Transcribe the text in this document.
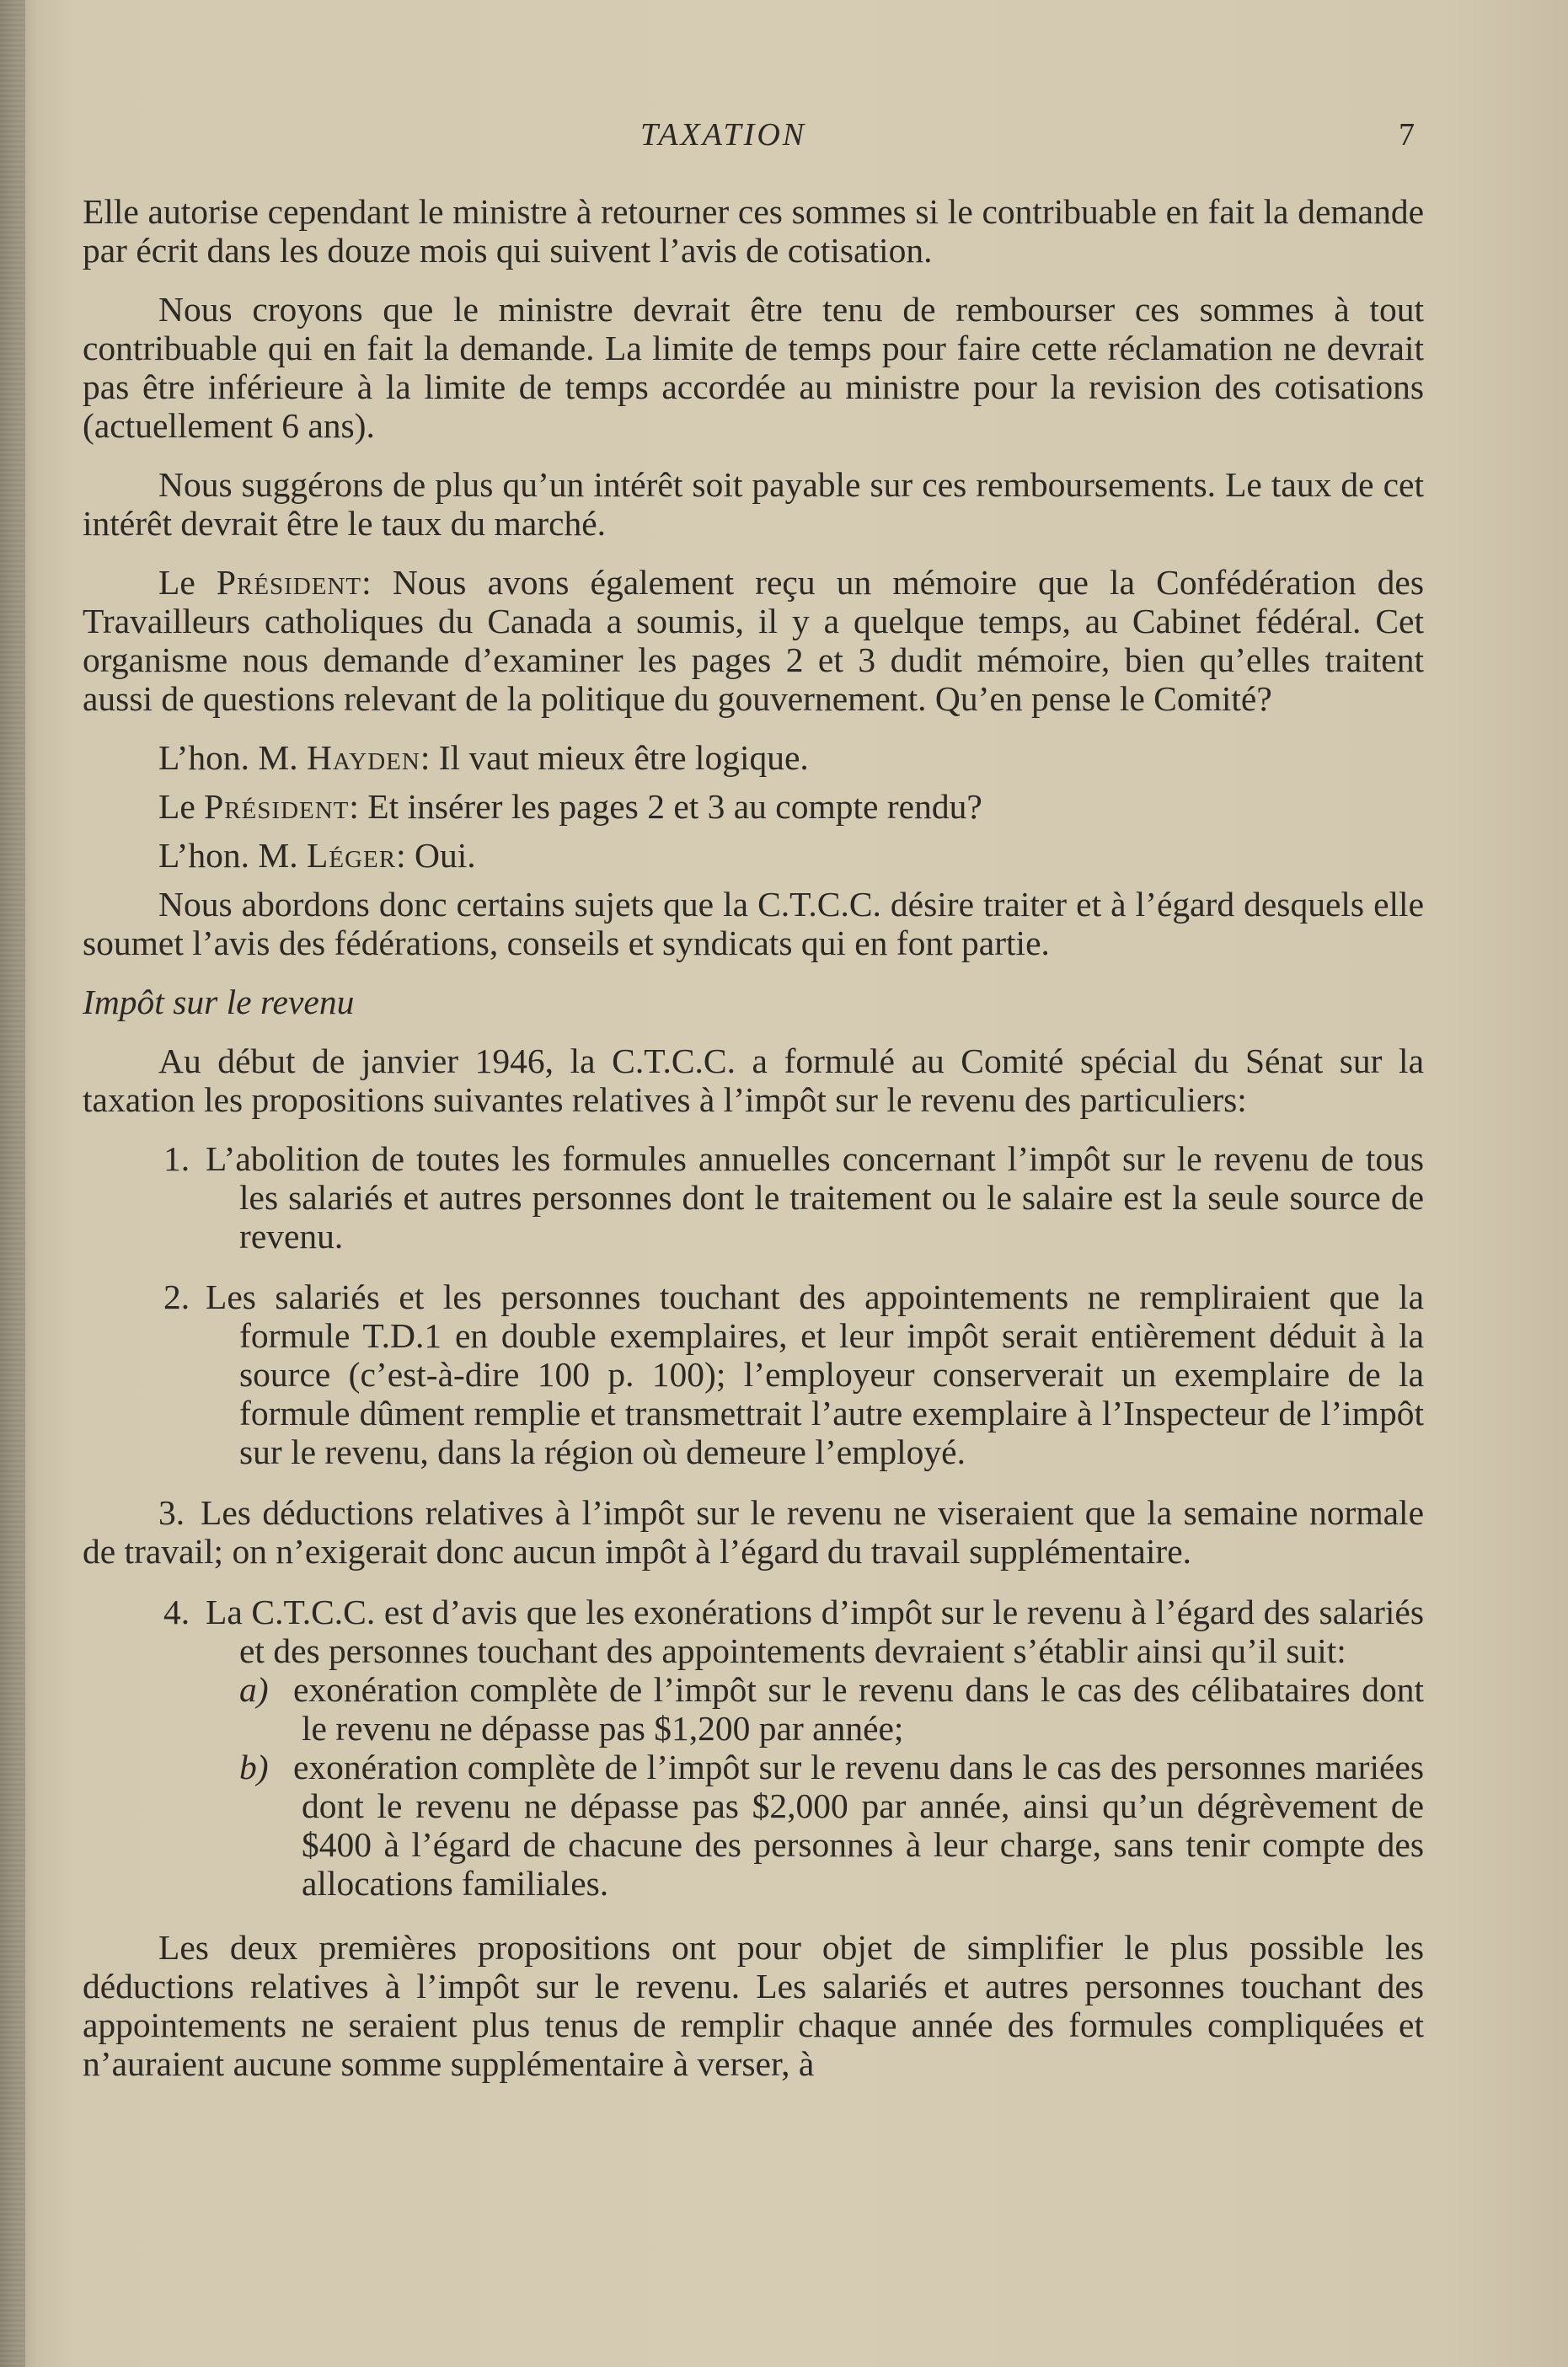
TAXATION	7

Elle autorise cependant le ministre à retourner ces sommes si le contribuable en fait la demande par écrit dans les douze mois qui suivent l’avis de cotisation.

Nous croyons que le ministre devrait être tenu de rembourser ces sommes à tout contribuable qui en fait la demande. La limite de temps pour faire cette réclamation ne devrait pas être inférieure à la limite de temps accordée au ministre pour la revision des cotisations (actuellement 6 ans).

Nous suggérons de plus qu’un intérêt soit payable sur ces remboursements. Le taux de cet intérêt devrait être le taux du marché.

Le Président: Nous avons également reçu un mémoire que la Confédération des Travailleurs catholiques du Canada a soumis, il y a quelque temps, au Cabinet fédéral. Cet organisme nous demande d’examiner les pages 2 et 3 dudit mémoire, bien qu’elles traitent aussi de questions relevant de la politique du gouvernement. Qu’en pense le Comité?

L’hon. M. Hayden: Il vaut mieux être logique.

Le Président: Et insérer les pages 2 et 3 au compte rendu?

L’hon. M. Léger: Oui.

Nous abordons donc certains sujets que la C.T.C.C. désire traiter et à l’égard desquels elle soumet l’avis des fédérations, conseils et syndicats qui en font partie.

Impôt sur le revenu

Au début de janvier 1946, la C.T.C.C. a formulé au Comité spécial du Sénat sur la taxation les propositions suivantes relatives à l’impôt sur le revenu des particuliers:

1. L’abolition de toutes les formules annuelles concernant l’impôt sur le revenu de tous les salariés et autres personnes dont le traitement ou le salaire est la seule source de revenu.

2. Les salariés et les personnes touchant des appointements ne rempliraient que la formule T.D.1 en double exemplaires, et leur impôt serait entièrement déduit à la source (c’est-à-dire 100 p. 100); l’employeur conserverait un exemplaire de la formule dûment remplie et transmettrait l’autre exemplaire à l’Inspecteur de l’impôt sur le revenu, dans la région où demeure l’employé.

3. Les déductions relatives à l’impôt sur le revenu ne viseraient que la semaine normale de travail; on n’exigerait donc aucun impôt à l’égard du travail supplémentaire.

4. La C.T.C.C. est d’avis que les exonérations d’impôt sur le revenu à l’égard des salariés et des personnes touchant des appointements devraient s’établir ainsi qu’il suit:

a) exonération complète de l’impôt sur le revenu dans le cas des célibataires dont le revenu ne dépasse pas $1,200 par année;

b) exonération complète de l’impôt sur le revenu dans le cas des personnes mariées dont le revenu ne dépasse pas $2,000 par année, ainsi qu’un dégrèvement de $400 à l’égard de chacune des personnes à leur charge, sans tenir compte des allocations familiales.

Les deux premières propositions ont pour objet de simplifier le plus possible les déductions relatives à l’impôt sur le revenu. Les salariés et autres personnes touchant des appointements ne seraient plus tenus de remplir chaque année des formules compliquées et n’auraient aucune somme supplémentaire à verser, à
